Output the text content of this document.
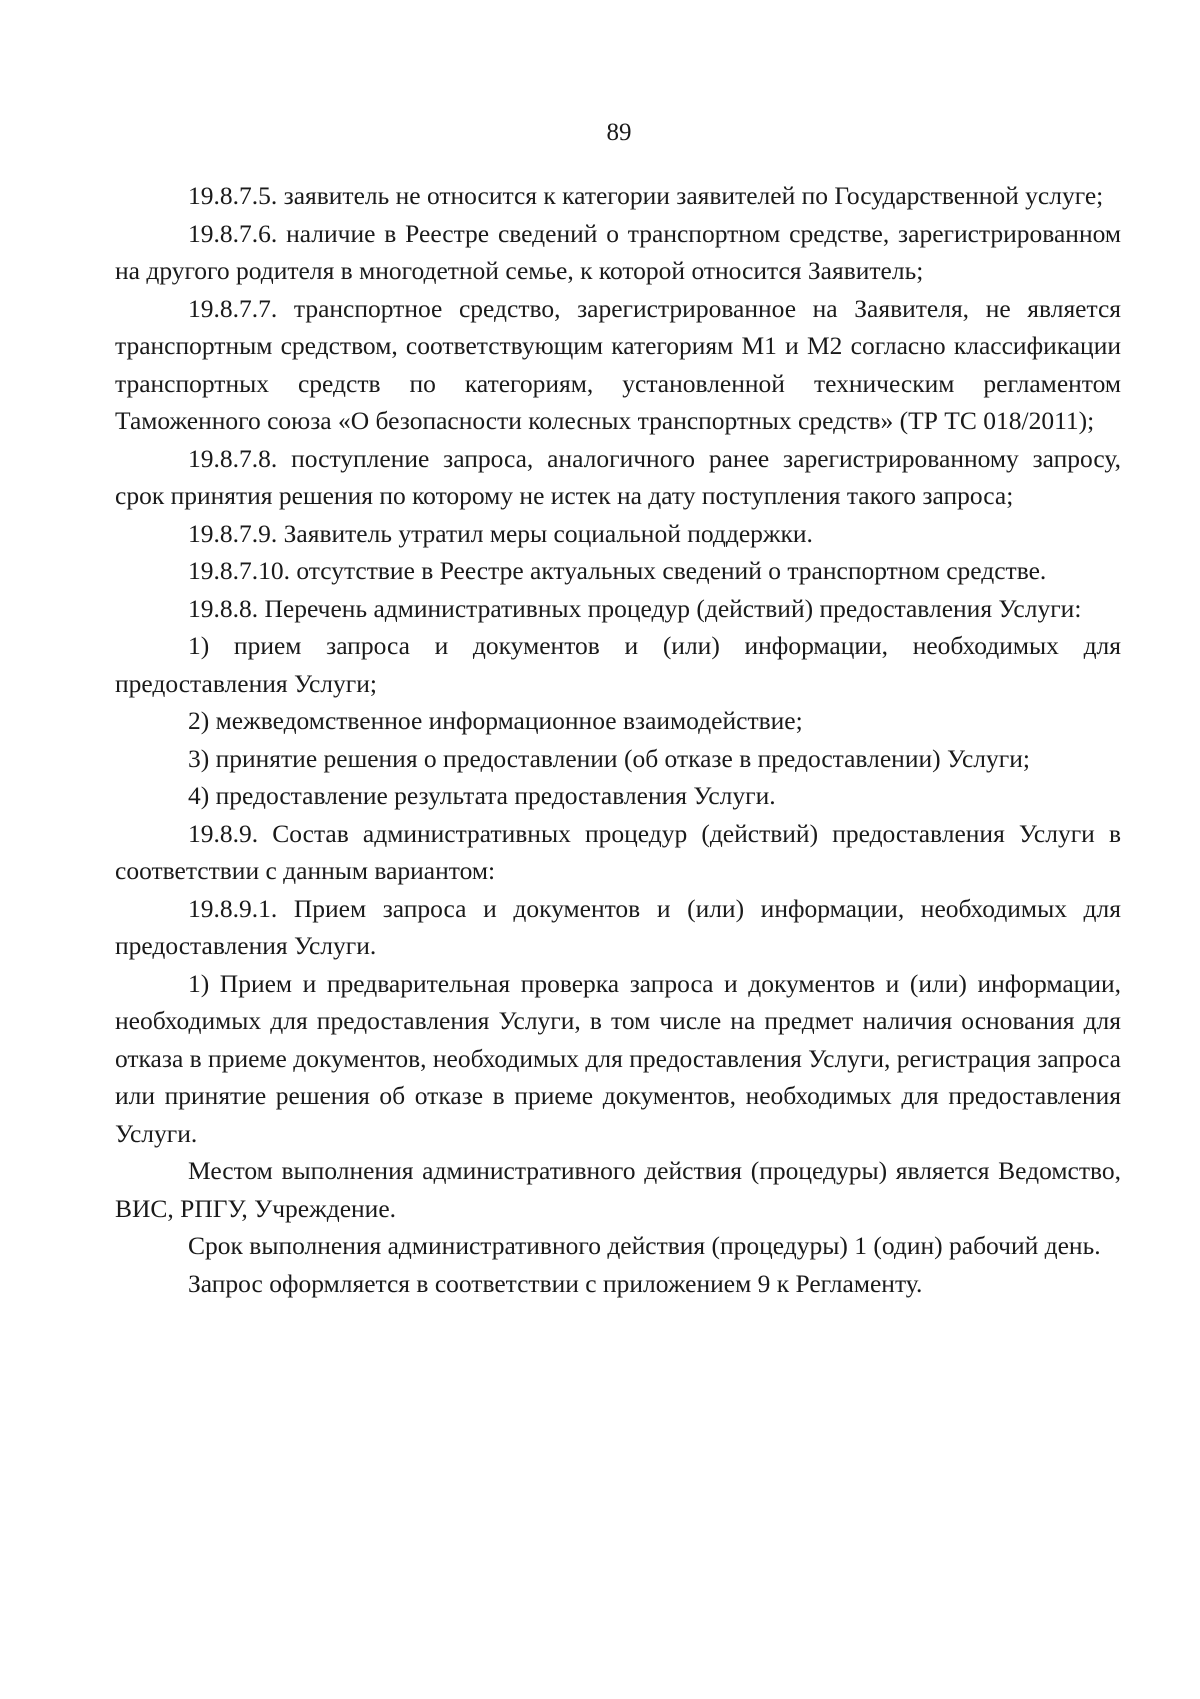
89

19.8.7.5. заявитель не относится к категории заявителей по Государственной услуге;

19.8.7.6. наличие в Реестре сведений о транспортном средстве, зарегистрированном на другого родителя в многодетной семье, к которой относится Заявитель;

19.8.7.7. транспортное средство, зарегистрированное на Заявителя, не является транспортным средством, соответствующим категориям М1 и М2 согласно классификации транспортных средств по категориям, установленной техническим регламентом Таможенного союза «О безопасности колесных транспортных средств» (ТР ТС 018/2011);

19.8.7.8. поступление запроса, аналогичного ранее зарегистрированному запросу, срок принятия решения по которому не истек на дату поступления такого запроса;

19.8.7.9. Заявитель утратил меры социальной поддержки.

19.8.7.10. отсутствие в Реестре актуальных сведений о транспортном средстве.

19.8.8. Перечень административных процедур (действий) предоставления Услуги:

1) прием запроса и документов и (или) информации, необходимых для предоставления Услуги;

2) межведомственное информационное взаимодействие;

3) принятие решения о предоставлении (об отказе в предоставлении) Услуги;

4) предоставление результата предоставления Услуги.

19.8.9. Состав административных процедур (действий) предоставления Услуги в соответствии с данным вариантом:

19.8.9.1. Прием запроса и документов и (или) информации, необходимых для предоставления Услуги.

1) Прием и предварительная проверка запроса и документов и (или) информации, необходимых для предоставления Услуги, в том числе на предмет наличия основания для отказа в приеме документов, необходимых для предоставления Услуги, регистрация запроса или принятие решения об отказе в приеме документов, необходимых для предоставления Услуги.

Местом выполнения административного действия (процедуры) является Ведомство, ВИС, РПГУ, Учреждение.

Срок выполнения административного действия (процедуры) 1 (один) рабочий день.

Запрос оформляется в соответствии с приложением 9 к Регламенту.
